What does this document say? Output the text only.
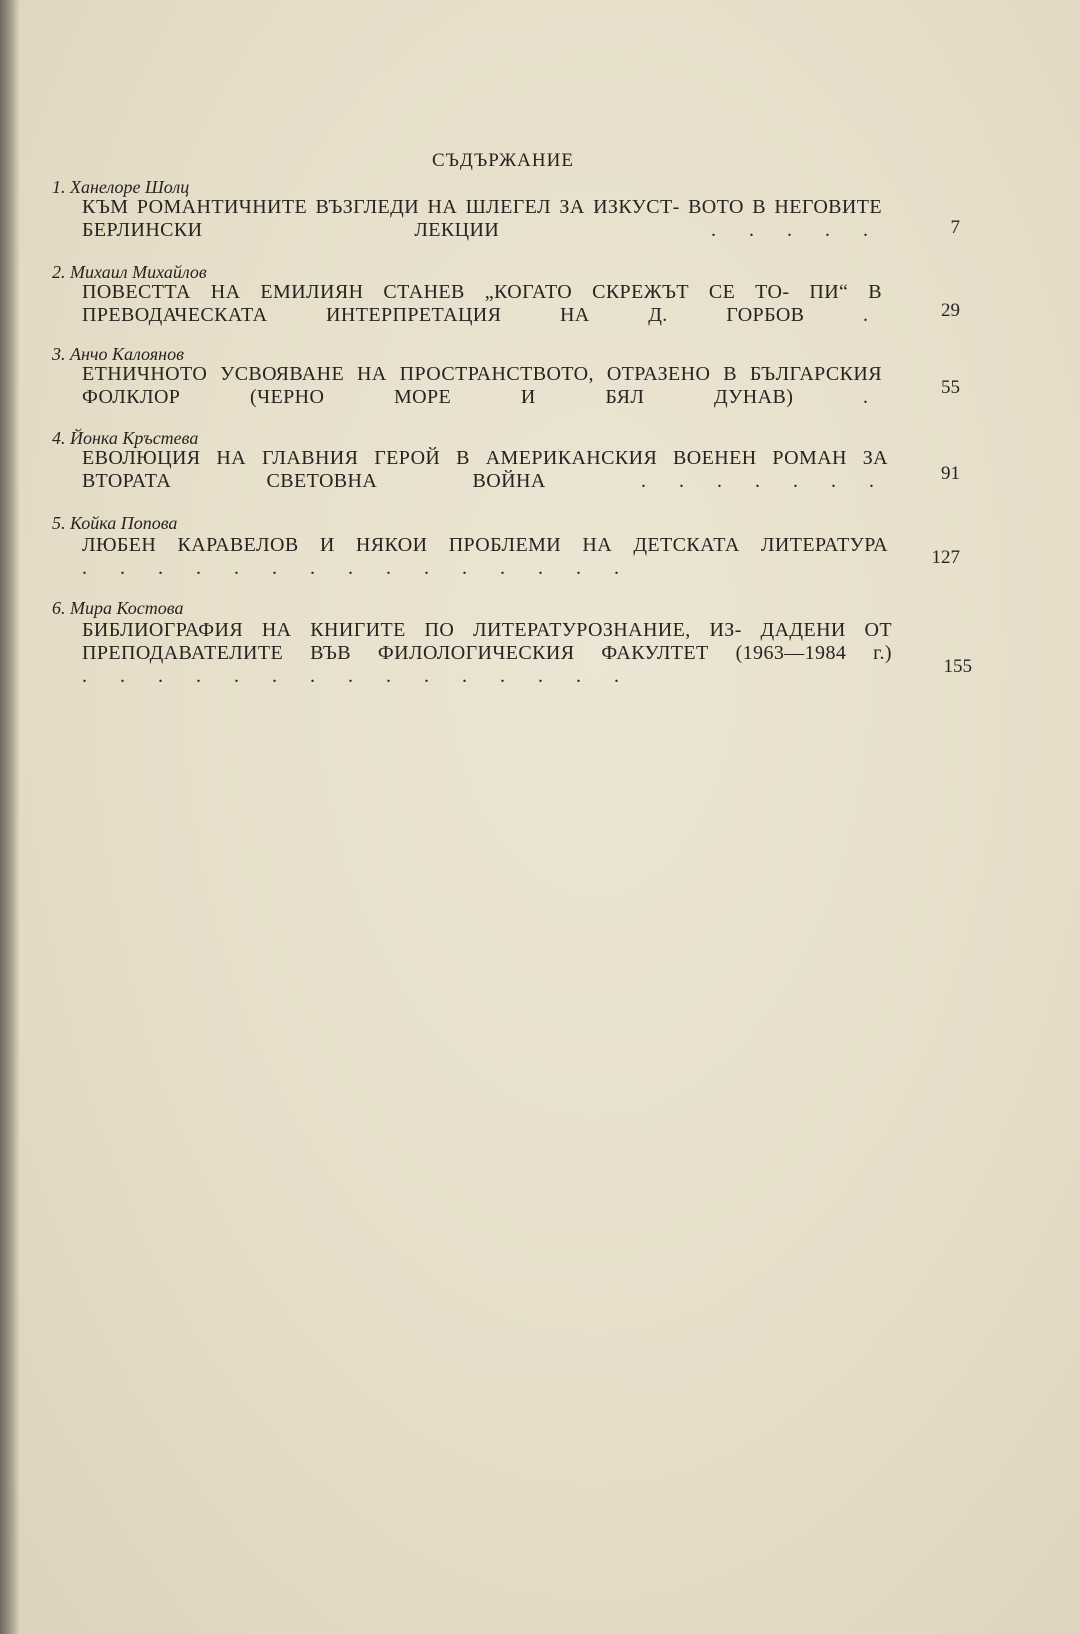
СЪДЪРЖАНИЕ
1. Ханелоре Шолц
КЪМ РОМАНТИЧНИТЕ ВЪЗГЛЕДИ НА ШЛЕГЕЛ ЗА ИЗКУСТ- ВОТО В НЕГОВИТЕ БЕРЛИНСКИ ЛЕКЦИИ	. . . . .	7
2. Михаил Михайлов
ПОВЕСТТА НА ЕМИЛИЯН СТАНЕВ „КОГАТО СКРЕЖЪТ СЕ ТО- ПИ“ В ПРЕВОДАЧЕСКАТА ИНТЕРПРЕТАЦИЯ НА Д. ГОРБОВ	.	29
3. Анчо Калоянов
ЕТНИЧНОТО УСВОЯВАНЕ НА ПРОСТРАНСТВОТО, ОТРАЗЕНО В БЪЛГАРСКИЯ ФОЛКЛОР (ЧЕРНО МОРЕ И БЯЛ ДУНАВ)	.	55
4. Йонка Кръстева
ЕВОЛЮЦИЯ НА ГЛАВНИЯ ГЕРОЙ В АМЕРИКАНСКИЯ ВОЕНЕН РОМАН ЗА ВТОРАТА СВЕТОВНА ВОЙНА	. . . . . . .	91
5. Койка Попова
ЛЮБЕН КАРАВЕЛОВ И НЯКОИ ПРОБЛЕМИ НА ДЕТСКАТА ЛИТЕРАТУРА . . . . . . . . . . . . . . .	127
6. Мира Костова
БИБЛИОГРАФИЯ НА КНИГИТЕ ПО ЛИТЕРАТУРОЗНАНИЕ, ИЗ- ДАДЕНИ ОТ ПРЕПОДАВАТЕЛИТЕ ВЪВ ФИЛОЛОГИЧЕСКИЯ ФАКУЛТЕТ (1963—1984 г.) . . . . . . . . . . . . . . .	155
